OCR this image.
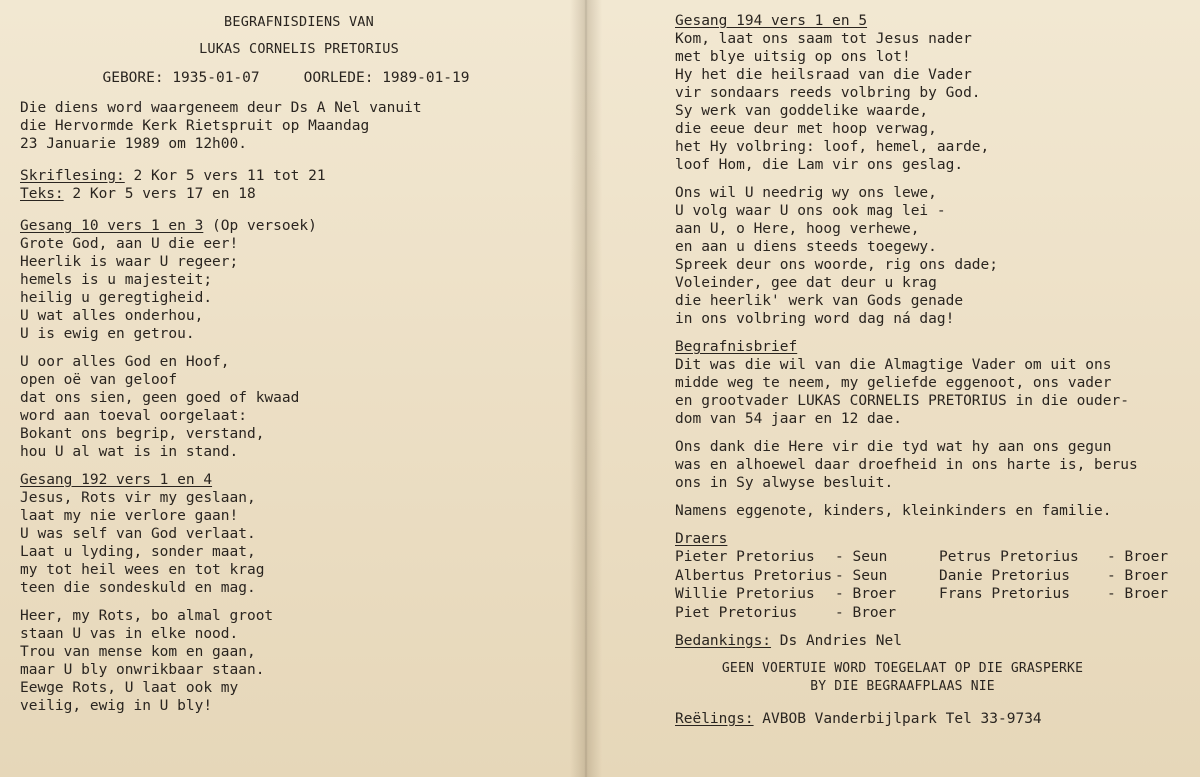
BEGRAFNISDIENS VAN
LUKAS CORNELIS PRETORIUS
GEBORE: 1935-01-07	OORLEDE: 1989-01-19
Die diens word waargeneem deur Ds A Nel vanuit
die Hervormde Kerk Rietspruit op Maandag
23 Januarie 1989 om 12h00.
Skriflesing: 2 Kor 5 vers 11 tot 21
Teks: 2 Kor 5 vers 17 en 18
Gesang 10 vers 1 en 3 (Op versoek)
Grote God, aan U die eer!
Heerlik is waar U regeer;
hemels is u majesteit;
heilig u geregtigheid.
U wat alles onderhou,
U is ewig en getrou.
U oor alles God en Hoof,
open oë van geloof
dat ons sien, geen goed of kwaad
word aan toeval oorgelaat:
Bokant ons begrip, verstand,
hou U al wat is in stand.
Gesang 192 vers 1 en 4
Jesus, Rots vir my geslaan,
laat my nie verlore gaan!
U was self van God verlaat.
Laat u lyding, sonder maat,
my tot heil wees en tot krag
teen die sondeskuld en mag.
Heer, my Rots, bo almal groot
staan U vas in elke nood.
Trou van mense kom en gaan,
maar U bly onwrikbaar staan.
Eewge Rots, U laat ook my
veilig, ewig in U bly!
Gesang 194 vers 1 en 5
Kom, laat ons saam tot Jesus nader
met blye uitsig op ons lot!
Hy het die heilsraad van die Vader
vir sondaars reeds volbring by God.
Sy werk van goddelike waarde,
die eeue deur met hoop verwag,
het Hy volbring: loof, hemel, aarde,
loof Hom, die Lam vir ons geslag.
Ons wil U needrig wy ons lewe,
U volg waar U ons ook mag lei -
aan U, o Here, hoog verhewe,
en aan u diens steeds toegewy.
Spreek deur ons woorde, rig ons dade;
Voleinder, gee dat deur u krag
die heerlik' werk van Gods genade
in ons volbring word dag ná dag!
Begrafnisbrief
Dit was die wil van die Almagtige Vader om uit ons
midde weg te neem, my geliefde eggenoot, ons vader
en grootvader LUKAS CORNELIS PRETORIUS in die ouder-
dom van 54 jaar en 12 dae.
Ons dank die Here vir die tyd wat hy aan ons gegun
was en alhoewel daar droefheid in ons harte is, berus
ons in Sy alwyse besluit.
Namens eggenote, kinders, kleinkinders en familie.
Draers
Pieter Pretorius	- Seun	Petrus Pretorius	- Broer
Albertus Pretorius	- Seun	Danie Pretorius	- Broer
Willie Pretorius	- Broer	Frans Pretorius	- Broer
Piet Pretorius	- Broer		
Bedankings: Ds Andries Nel
GEEN VOERTUIE WORD TOEGELAAT OP DIE GRASPERKE
BY DIE BEGRAAFPLAAS NIE
Reëlings: AVBOB Vanderbijlpark Tel 33-9734
